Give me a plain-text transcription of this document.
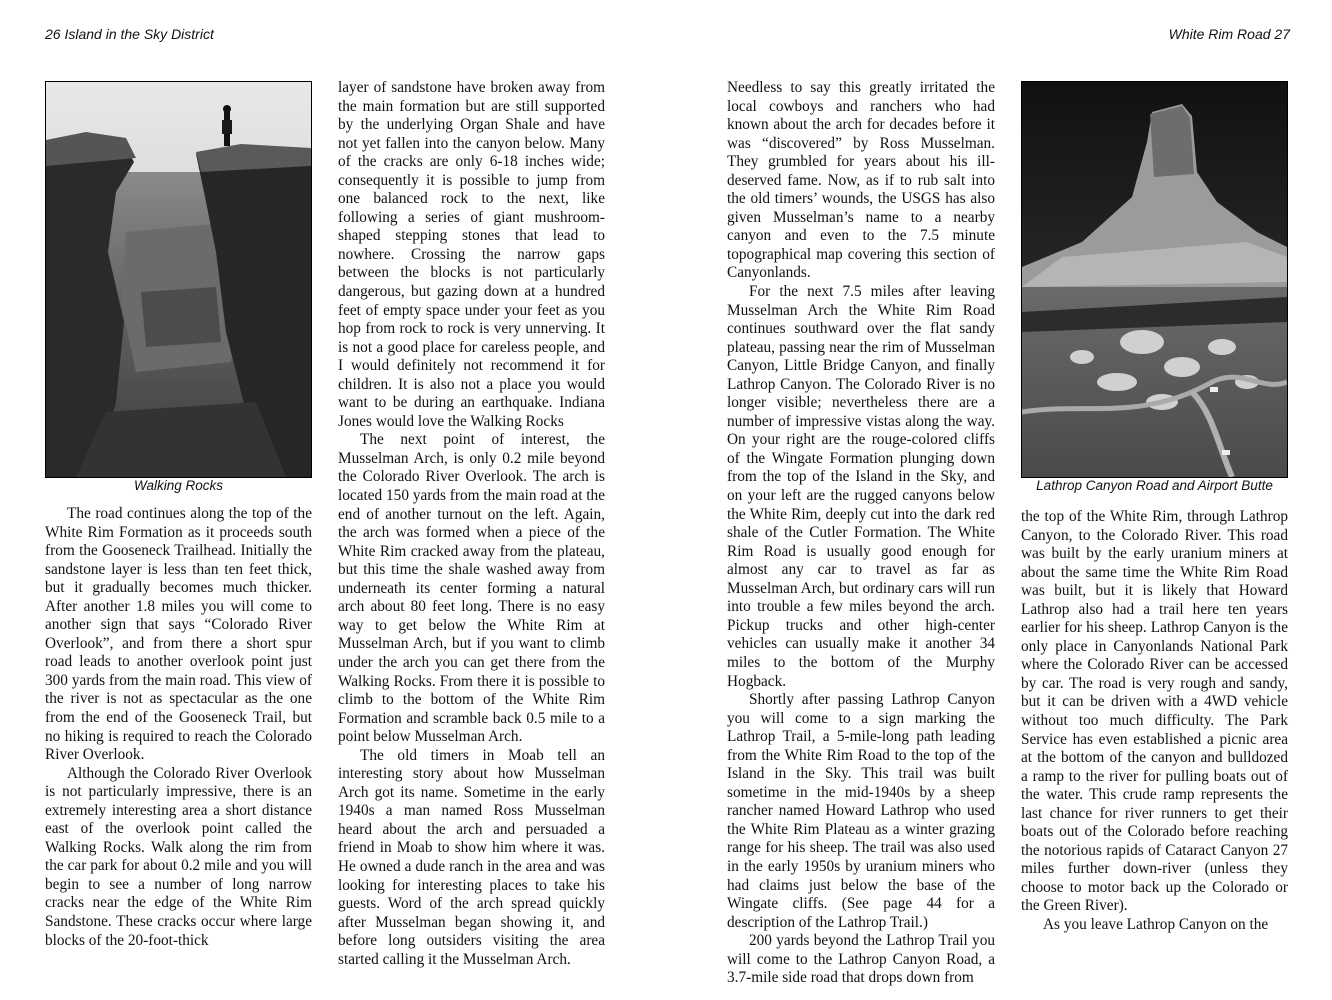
26 Island in the Sky District
Walking Rocks

The road continues along the top of the White Rim Formation as it proceeds south from the Gooseneck Trailhead. Initially the sandstone layer is less than ten feet thick, but it gradually becomes much thicker. After another 1.8 miles you will come to another sign that says “Colorado River Overlook”, and from there a short spur road leads to another overlook point just 300 yards from the main road. This view of the river is not as spectacular as the one from the end of the Gooseneck Trail, but no hiking is required to reach the Colorado River Overlook.

Although the Colorado River Overlook is not particularly impressive, there is an extremely interesting area a short distance east of the overlook point called the Walking Rocks. Walk along the rim from the car park for about 0.2 mile and you will begin to see a number of long narrow cracks near the edge of the White Rim Sandstone. These cracks occur where large blocks of the 20-foot-thick

layer of sandstone have broken away from the main formation but are still supported by the underlying Organ Shale and have not yet fallen into the canyon below. Many of the cracks are only 6-18 inches wide; consequently it is possible to jump from one balanced rock to the next, like following a series of giant mushroom-shaped stepping stones that lead to nowhere. Crossing the narrow gaps between the blocks is not particularly dangerous, but gazing down at a hundred feet of empty space under your feet as you hop from rock to rock is very unnerving. It is not a good place for careless people, and I would definitely not recommend it for children. It is also not a place you would want to be during an earthquake. Indiana Jones would love the Walking Rocks

The next point of interest, the Musselman Arch, is only 0.2 mile beyond the Colorado River Overlook. The arch is located 150 yards from the main road at the end of another turnout on the left. Again, the arch was formed when a piece of the White Rim cracked away from the plateau, but this time the shale washed away from underneath its center forming a natural arch about 80 feet long. There is no easy way to get below the White Rim at Musselman Arch, but if you want to climb under the arch you can get there from the Walking Rocks. From there it is possible to climb to the bottom of the White Rim Formation and scramble back 0.5 mile to a point below Musselman Arch.

The old timers in Moab tell an interesting story about how Musselman Arch got its name. Sometime in the early 1940s a man named Ross Musselman heard about the arch and persuaded a friend in Moab to show him where it was. He owned a dude ranch in the area and was looking for interesting places to take his guests. Word of the arch spread quickly after Musselman began showing it, and before long outsiders visiting the area started calling it the Musselman Arch.

White Rim Road 27

Needless to say this greatly irritated the local cowboys and ranchers who had known about the arch for decades before it was “discovered” by Ross Musselman. They grumbled for years about his ill-deserved fame. Now, as if to rub salt into the old timers’ wounds, the USGS has also given Musselman’s name to a nearby canyon and even to the 7.5 minute topographical map covering this section of Canyonlands.

For the next 7.5 miles after leaving Musselman Arch the White Rim Road continues southward over the flat sandy plateau, passing near the rim of Musselman Canyon, Little Bridge Canyon, and finally Lathrop Canyon. The Colorado River is no longer visible; nevertheless there are a number of impressive vistas along the way. On your right are the rouge-colored cliffs of the Wingate Formation plunging down from the top of the Island in the Sky, and on your left are the rugged canyons below the White Rim, deeply cut into the dark red shale of the Cutler Formation. The White Rim Road is usually good enough for almost any car to travel as far as Musselman Arch, but ordinary cars will run into trouble a few miles beyond the arch. Pickup trucks and other high-center vehicles can usually make it another 34 miles to the bottom of the Murphy Hogback.

Shortly after passing Lathrop Canyon you will come to a sign marking the Lathrop Trail, a 5-mile-long path leading from the White Rim Road to the top of the Island in the Sky. This trail was built sometime in the mid-1940s by a sheep rancher named Howard Lathrop who used the White Rim Plateau as a winter grazing range for his sheep. The trail was also used in the early 1950s by uranium miners who had claims just below the base of the Wingate cliffs. (See page 44 for a description of the Lathrop Trail.)

200 yards beyond the Lathrop Trail you will come to the Lathrop Canyon Road, a 3.7-mile side road that drops down from

Lathrop Canyon Road and Airport Butte

the top of the White Rim, through Lathrop Canyon, to the Colorado River. This road was built by the early uranium miners at about the same time the White Rim Road was built, but it is likely that Howard Lathrop also had a trail here ten years earlier for his sheep. Lathrop Canyon is the only place in Canyonlands National Park where the Colorado River can be accessed by car. The road is very rough and sandy, but it can be driven with a 4WD vehicle without too much difficulty. The Park Service has even established a picnic area at the bottom of the canyon and bulldozed a ramp to the river for pulling boats out of the water. This crude ramp represents the last chance for river runners to get their boats out of the Colorado before reaching the notorious rapids of Cataract Canyon 27 miles further down-river (unless they choose to motor back up the Colorado or the Green River).

As you leave Lathrop Canyon on the
